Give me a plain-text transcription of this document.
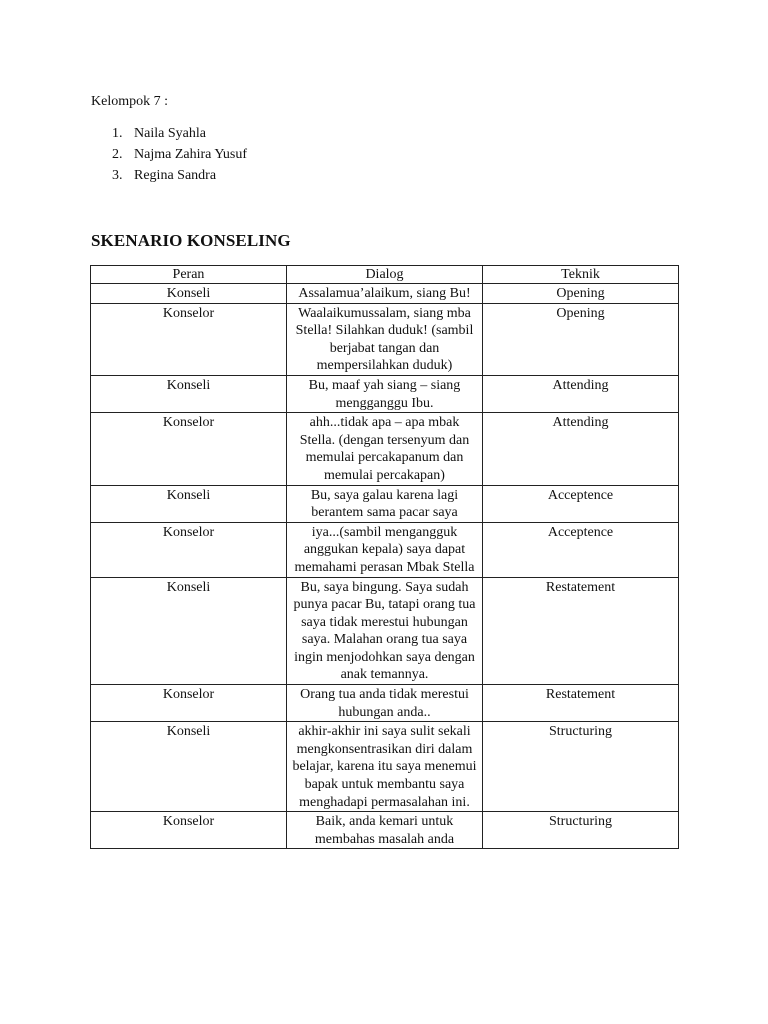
Kelompok 7 :

1. Naila Syahla
2. Najma Zahira Yusuf
3. Regina Sandra
SKENARIO KONSELING
Peran	Dialog	Teknik
Konseli	Assalamua’alaikum, siang Bu!	Opening
Konselor	Waalaikumussalam, siang mba Stella! Silahkan duduk! (sambil berjabat tangan dan mempersilahkan duduk)	Opening
Konseli	Bu, maaf yah siang – siang mengganggu Ibu.	Attending
Konselor	ahh...tidak apa – apa mbak Stella. (dengan tersenyum dan memulai percakapanum dan memulai percakapan)	Attending
Konseli	Bu, saya galau karena lagi berantem sama pacar saya	Acceptence
Konselor	iya...(sambil mengangguk anggukan kepala) saya dapat memahami perasan Mbak Stella	Acceptence
Konseli	Bu, saya bingung. Saya sudah punya pacar Bu, tatapi orang tua saya tidak merestui hubungan saya. Malahan orang tua saya ingin menjodohkan saya dengan anak temannya.	Restatement
Konselor	Orang tua anda tidak merestui hubungan anda..	Restatement
Konseli	akhir-akhir ini saya sulit sekali mengkonsentrasikan diri dalam belajar, karena itu saya menemui bapak untuk membantu saya menghadapi permasalahan ini.	Structuring
Konselor	Baik, anda kemari untuk membahas masalah anda	Structuring
